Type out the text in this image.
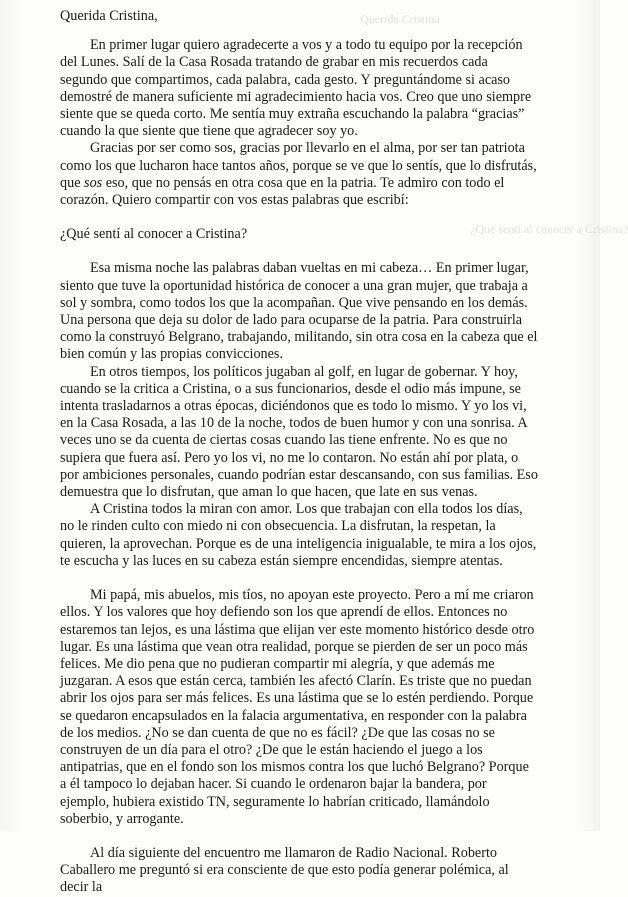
Querida Cristina
¿Qué sentí al conocer a Cristina?

Querida Cristina,

En primer lugar quiero agradecerte a vos y a todo tu equipo por la recepción del Lunes. Salí de la Casa Rosada tratando de grabar en mis recuerdos cada segundo que compartimos, cada palabra, cada gesto. Y preguntándome si acaso demostré de manera suficiente mi agradecimiento hacia vos. Creo que uno siempre siente que se queda corto. Me sentía muy extraña escuchando la palabra “gracias” cuando la que siente que tiene que agradecer soy yo.

Gracias por ser como sos, gracias por llevarlo en el alma, por ser tan patriota como los que lucharon hace tantos años, porque se ve que lo sentís, que lo disfrutás, que sos eso, que no pensás en otra cosa que en la patria. Te admiro con todo el corazón. Quiero compartir con vos estas palabras que escribí:

¿Qué sentí al conocer a Cristina?

Esa misma noche las palabras daban vueltas en mi cabeza… En primer lugar, siento que tuve la oportunidad histórica de conocer a una gran mujer, que trabaja a sol y sombra, como todos los que la acompañan. Que vive pensando en los demás. Una persona que deja su dolor de lado para ocuparse de la patria. Para construirla como la construyó Belgrano, trabajando, militando, sin otra cosa en la cabeza que el bien común y las propias convicciones.

En otros tiempos, los políticos jugaban al golf, en lugar de gobernar. Y hoy, cuando se la critica a Cristina, o a sus funcionarios, desde el odio más impune, se intenta trasladarnos a otras épocas, diciéndonos que es todo lo mismo. Y yo los vi, en la Casa Rosada, a las 10 de la noche, todos de buen humor y con una sonrisa. A veces uno se da cuenta de ciertas cosas cuando las tiene enfrente. No es que no supiera que fuera así. Pero yo los vi, no me lo contaron. No están ahí por plata, o por ambiciones personales, cuando podrían estar descansando, con sus familias. Eso demuestra que lo disfrutan, que aman lo que hacen, que late en sus venas.

A Cristina todos la miran con amor. Los que trabajan con ella todos los días, no le rinden culto con miedo ni con obsecuencia. La disfrutan, la respetan, la quieren, la aprovechan. Porque es de una inteligencia inigualable, te mira a los ojos, te escucha y las luces en su cabeza están siempre encendidas, siempre atentas.

Mi papá, mis abuelos, mis tíos, no apoyan este proyecto. Pero a mí me criaron ellos. Y los valores que hoy defiendo son los que aprendí de ellos. Entonces no estaremos tan lejos, es una lástima que elijan ver este momento histórico desde otro lugar. Es una lástima que vean otra realidad, porque se pierden de ser un poco más felices. Me dio pena que no pudieran compartir mi alegría, y que además me juzgaran. A esos que están cerca, también les afectó Clarín. Es triste que no puedan abrir los ojos para ser más felices. Es una lástima que se lo estén perdiendo. Porque se quedaron encapsulados en la falacia argumentativa, en responder con la palabra de los medios. ¿No se dan cuenta de que no es fácil? ¿De que las cosas no se construyen de un día para el otro? ¿De que le están haciendo el juego a los antipatrias, que en el fondo son los mismos contra los que luchó Belgrano? Porque a él tampoco lo dejaban hacer. Si cuando le ordenaron bajar la bandera, por ejemplo, hubiera existido TN, seguramente lo habrían criticado, llamándolo soberbio, y arrogante.

Al día siguiente del encuentro me llamaron de Radio Nacional. Roberto Caballero me preguntó si era consciente de que esto podía generar polémica, al decir la
